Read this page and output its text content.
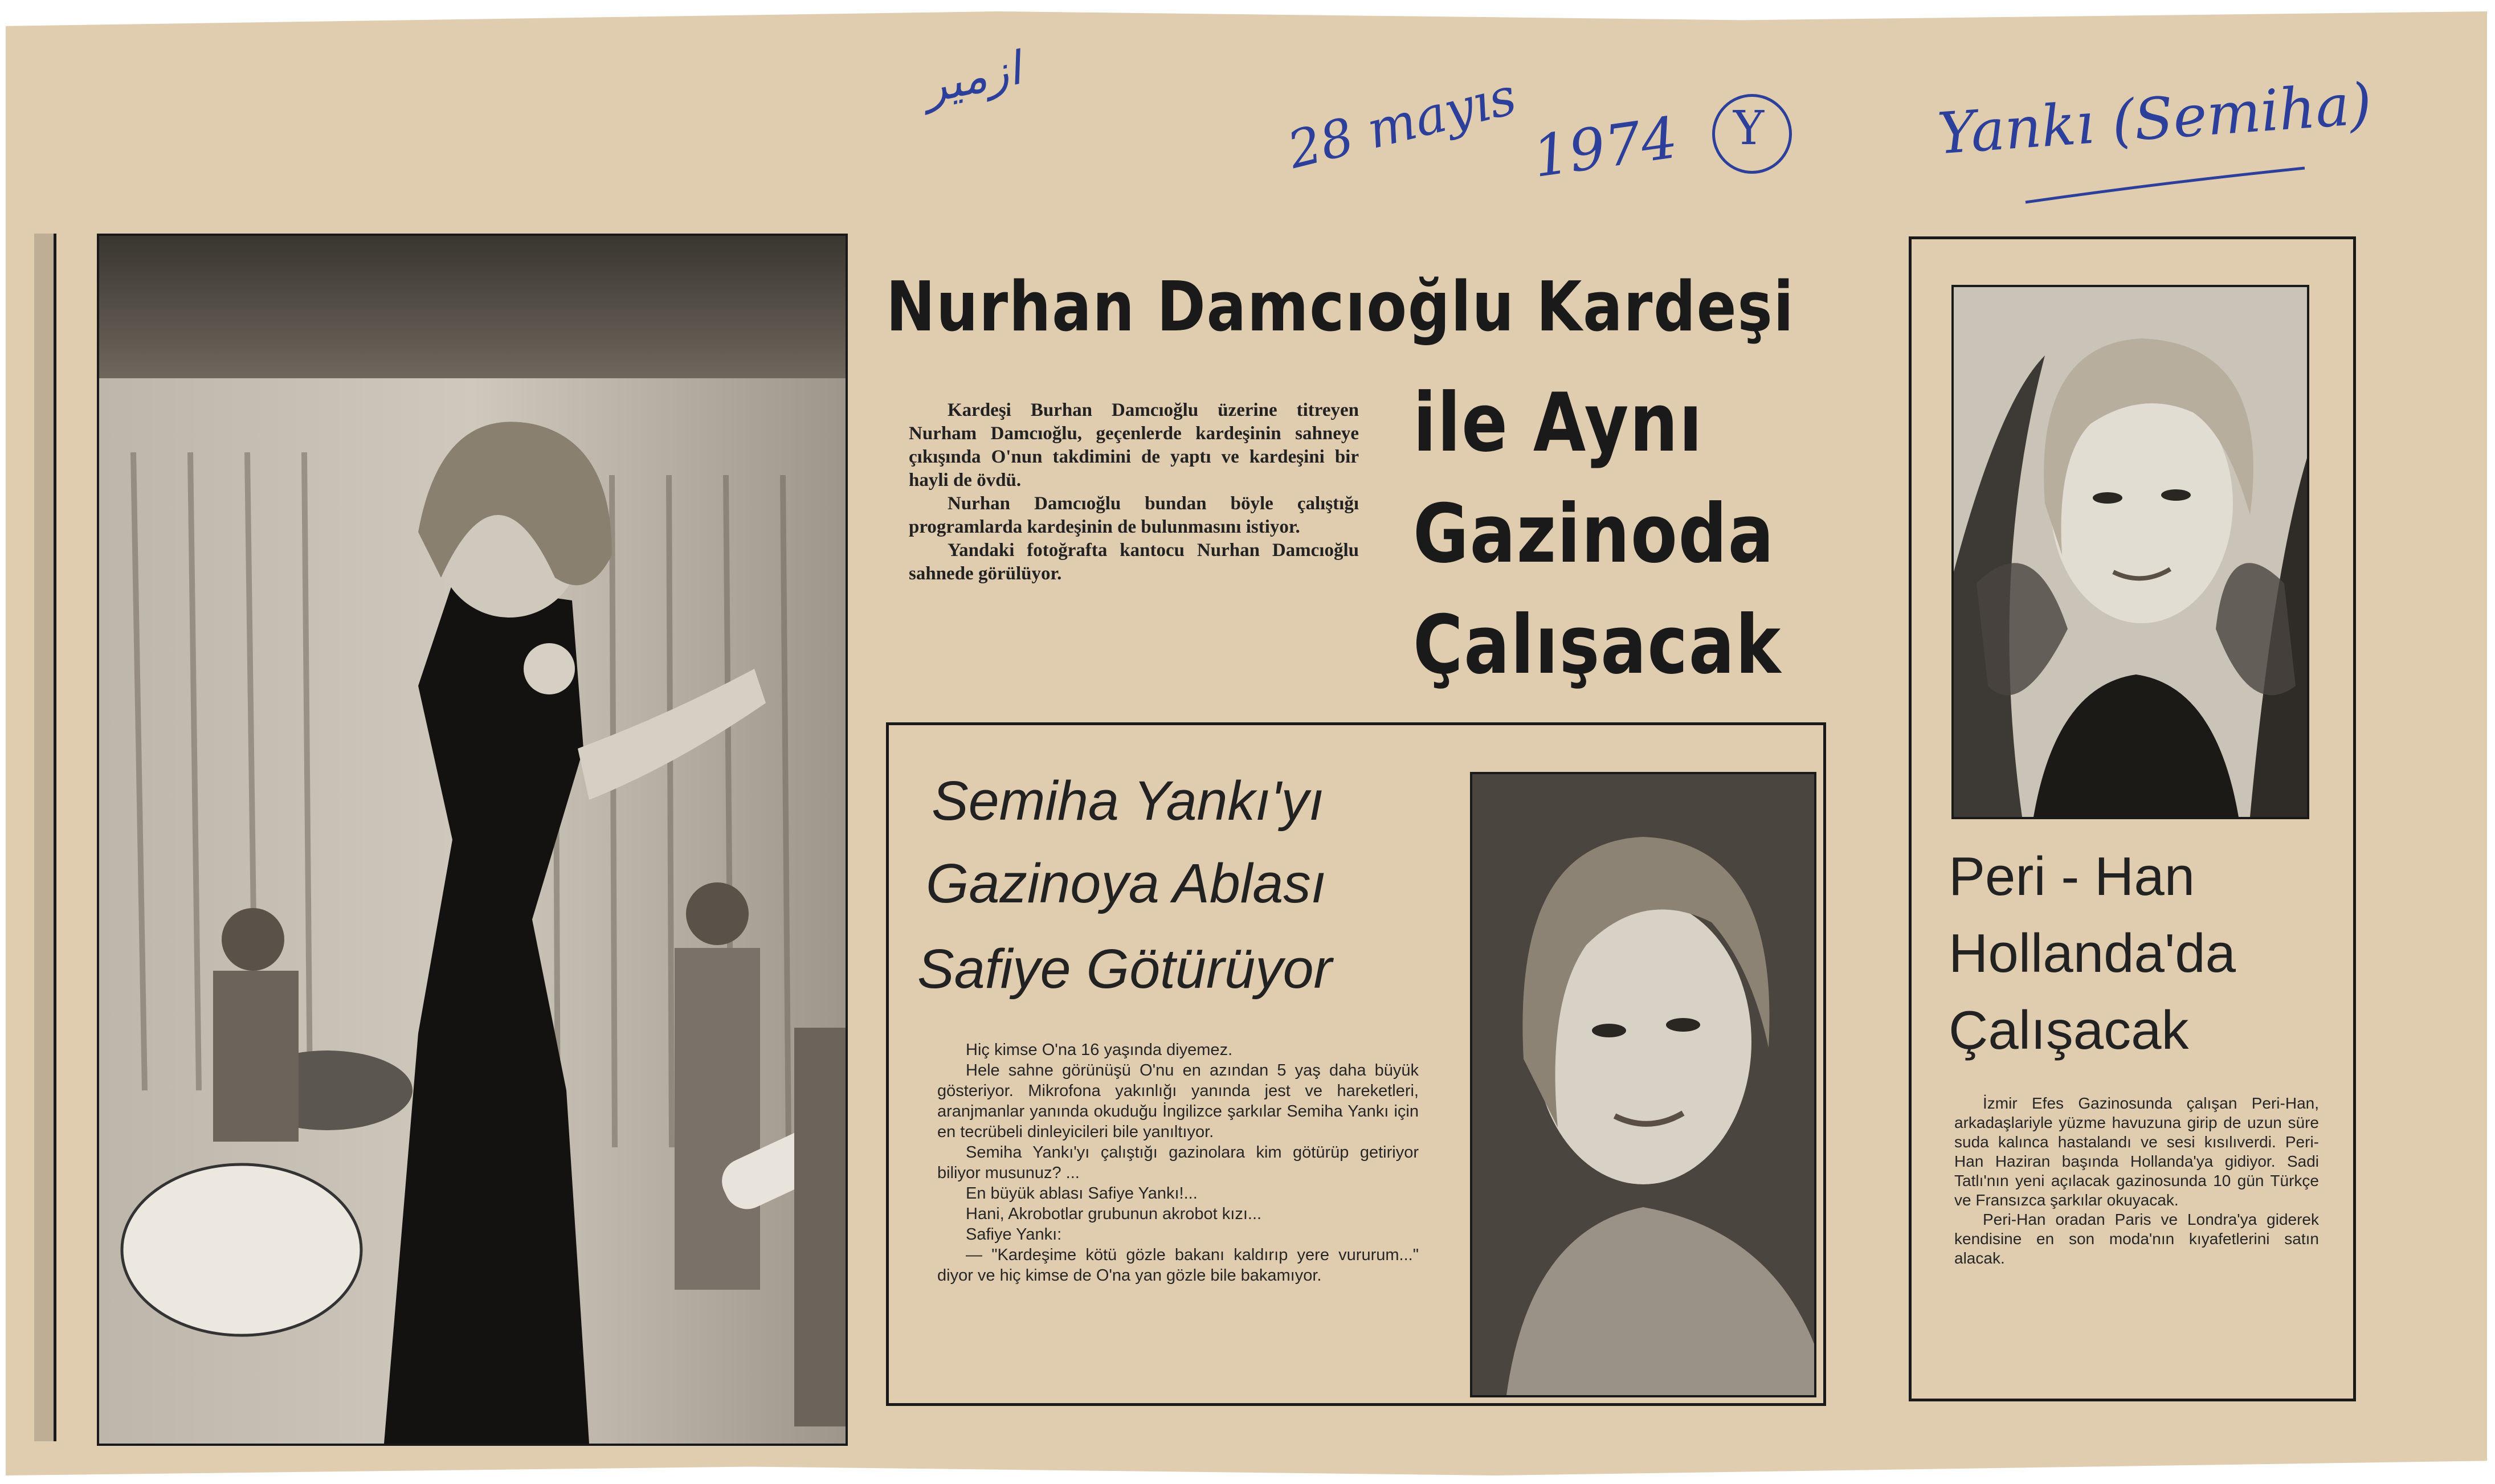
ازمير	28 mayıs 1974 Y	Yankı (Semiha)
Nurhan Damcıoğlu Kardeşi
ile Aynı
Gazinoda
Çalışacak

Kardeşi Burhan Damcıoğlu üzerine titreyen Nurham Damcıoğlu, geçenlerde kardeşinin sahneye çıkışında O'nun takdimini de yaptı ve kardeşini bir hayli de övdü.

Nurhan Damcıoğlu bundan böyle çalıştığı programlarda kardeşinin de bulunmasını istiyor.

Yandaki fotoğrafta kantocu Nurhan Damcıoğlu sahnede görülüyor.

Semiha Yankı'yı
Gazinoya Ablası
Safiye Götürüyor

Hiç kimse O'na 16 yaşında diyemez.

Hele sahne görünüşü O'nu en azından 5 yaş daha büyük gösteriyor. Mikrofona yakınlığı yanında jest ve hareketleri, aranjmanlar yanında okuduğu İngilizce şarkılar Semiha Yankı için en tecrübeli dinleyicileri bile yanıltıyor.

Semiha Yankı'yı çalıştığı gazinolara kim götürüp getiriyor biliyor musunuz? ...

En büyük ablası Safiye Yankı!...

Hani, Akrobotlar grubunun akrobot kızı...

Safiye Yankı:

— "Kardeşime kötü gözle bakanı kaldırıp yere vururum..." diyor ve hiç kimse de O'na yan gözle bile bakamıyor.

Peri - Han
Hollanda'da
Çalışacak

İzmir Efes Gazinosunda çalışan Peri-Han, arkadaşlariyle yüzme havuzuna girip de uzun süre suda kalınca hastalandı ve sesi kısılıverdi. Peri-Han Haziran başında Hollanda'ya gidiyor. Sadi Tatlı'nın yeni açılacak gazinosunda 10 gün Türkçe ve Fransızca şarkılar okuyacak.

Peri-Han oradan Paris ve Londra'ya giderek kendisine en son moda'nın kıyafetlerini satın alacak.
